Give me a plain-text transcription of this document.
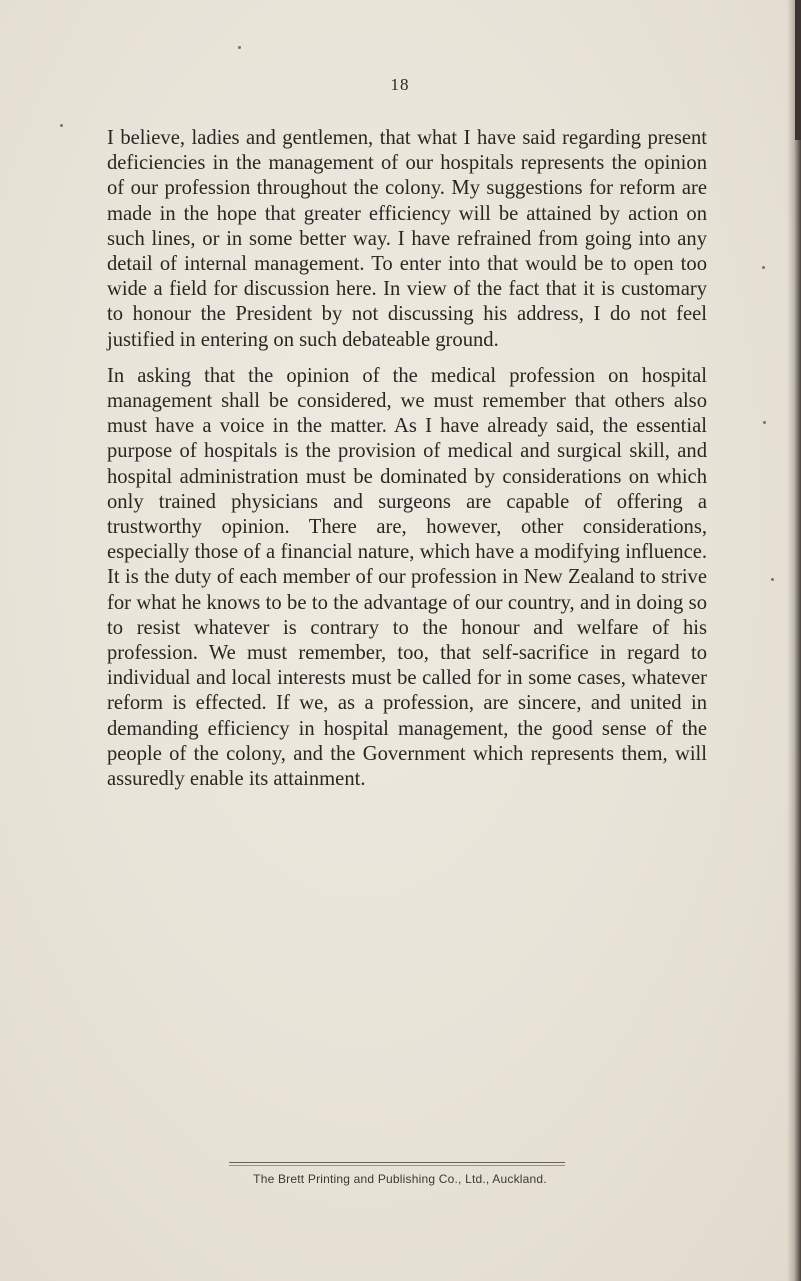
18

I believe, ladies and gentlemen, that what I have said regarding present deficiencies in the management of our hospitals represents the opinion of our profession throughout the colony. My suggestions for reform are made in the hope that greater efficiency will be attained by action on such lines, or in some better way. I have refrained from going into any detail of internal management. To enter into that would be to open too wide a field for discussion here. In view of the fact that it is customary to honour the President by not discussing his address, I do not feel justified in entering on such debateable ground.

In asking that the opinion of the medical profession on hospital management shall be considered, we must remember that others also must have a voice in the matter. As I have already said, the essential purpose of hospitals is the provision of medical and surgical skill, and hospital administration must be dominated by considerations on which only trained physicians and surgeons are capable of offering a trustworthy opinion. There are, however, other considerations, especially those of a financial nature, which have a modifying influence. It is the duty of each member of our profession in New Zealand to strive for what he knows to be to the advantage of our country, and in doing so to resist whatever is contrary to the honour and welfare of his profession. We must remember, too, that self-sacrifice in regard to individual and local interests must be called for in some cases, whatever reform is effected. If we, as a profession, are sincere, and united in demanding efficiency in hospital management, the good sense of the people of the colony, and the Government which represents them, will assuredly enable its attainment.

The Brett Printing and Publishing Co., Ltd., Auckland.
